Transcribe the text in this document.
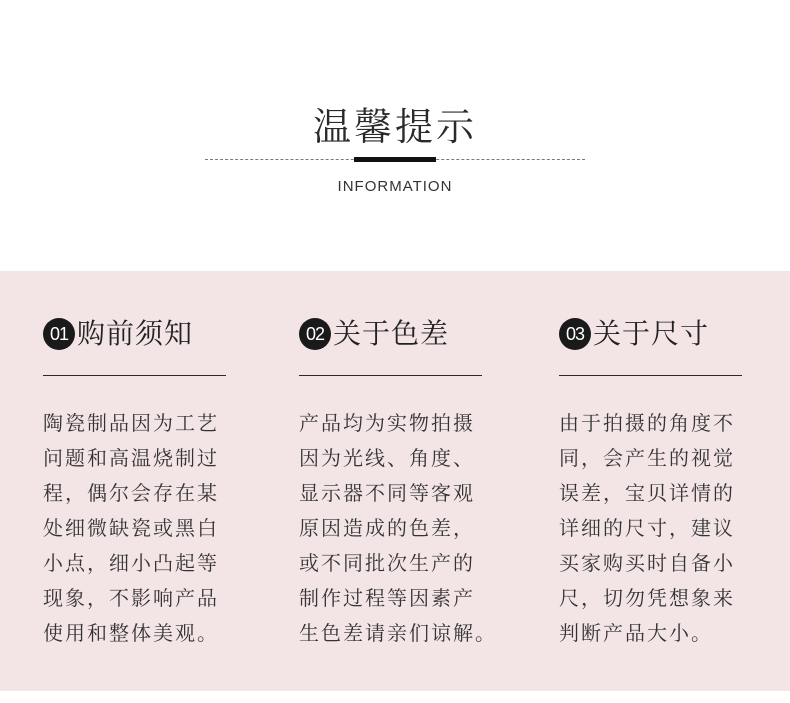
温馨提示
INFORMATION
01 购前须知
陶瓷制品因为工艺
问题和高温烧制过
程，偶尔会存在某
处细微缺瓷或黑白
小点，细小凸起等
现象，不影响产品
使用和整体美观。
02 关于色差
产品均为实物拍摄
因为光线、角度、
显示器不同等客观
原因造成的色差，
或不同批次生产的
制作过程等因素产
生色差请亲们谅解。
03 关于尺寸
由于拍摄的角度不
同，会产生的视觉
误差，宝贝详情的
详细的尺寸，建议
买家购买时自备小
尺，切勿凭想象来
判断产品大小。
